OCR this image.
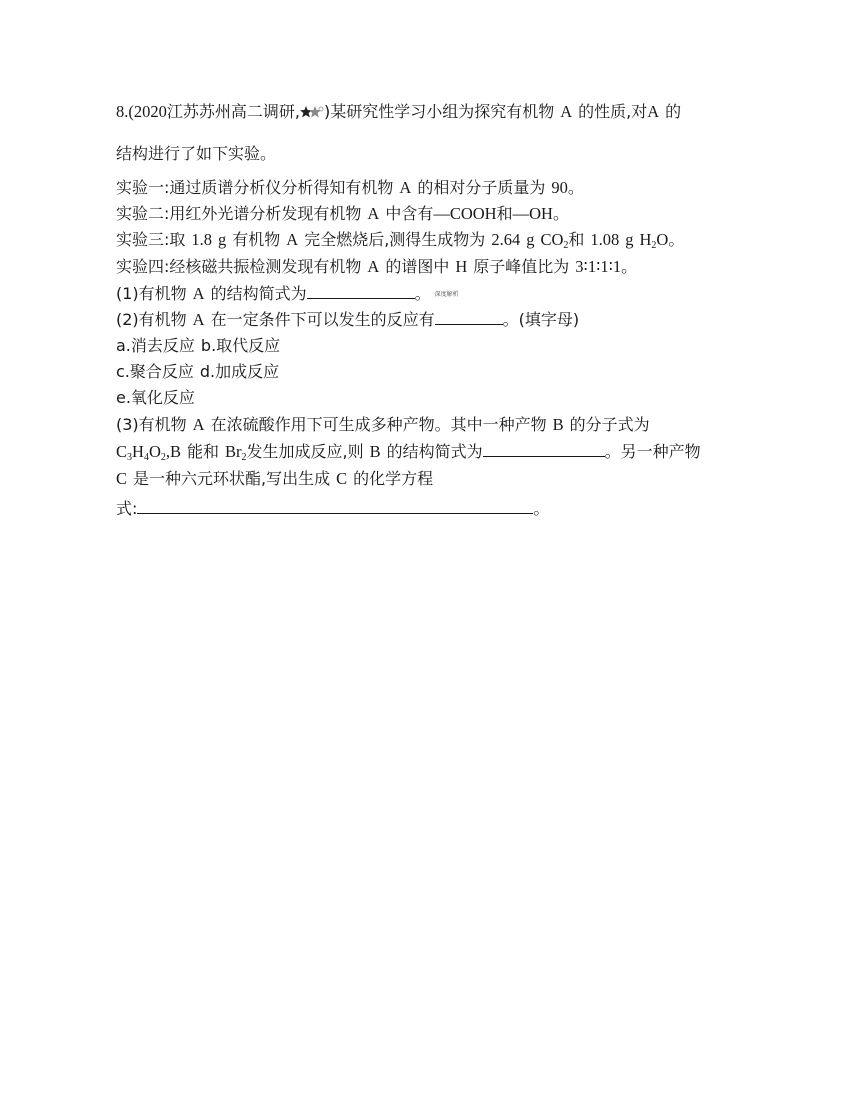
8.(2020江苏苏州高二调研, )某研究性学习小组为探究有机物 A 的性质,对A 的
结构进行了如下实验。
实验一:通过质谱分析仪分析得知有机物 A 的相对分子质量为 90。
实验二:用红外光谱分析发现有机物 A 中含有—COOH和—OH。
实验三:取 1.8 g 有机物 A 完全燃烧后,测得生成物为 2.64 g $CO_2$和 1.08 g $H_2O$。
实验四:经核磁共振检测发现有机物 A 的谱图中 H 原子峰值比为 3∶1∶1∶1。
(1)有机物 A 的结构简式为	。 深度解析
(2)有机物 A 在一定条件下可以发生的反应有	。(填字母)
a.消去反应 b.取代反应
c.聚合反应 d.加成反应
e.氧化反应
(3)有机物 A 在浓硫酸作用下可生成多种产物。其中一种产物 B 的分子式为
$C_3H_4O_2,B$ 能和 $Br_2$发生加成反应,则 B 的结构简式为	。另一种产物
C 是一种六元环状酯,写出生成 C 的化学方程
式:	。
